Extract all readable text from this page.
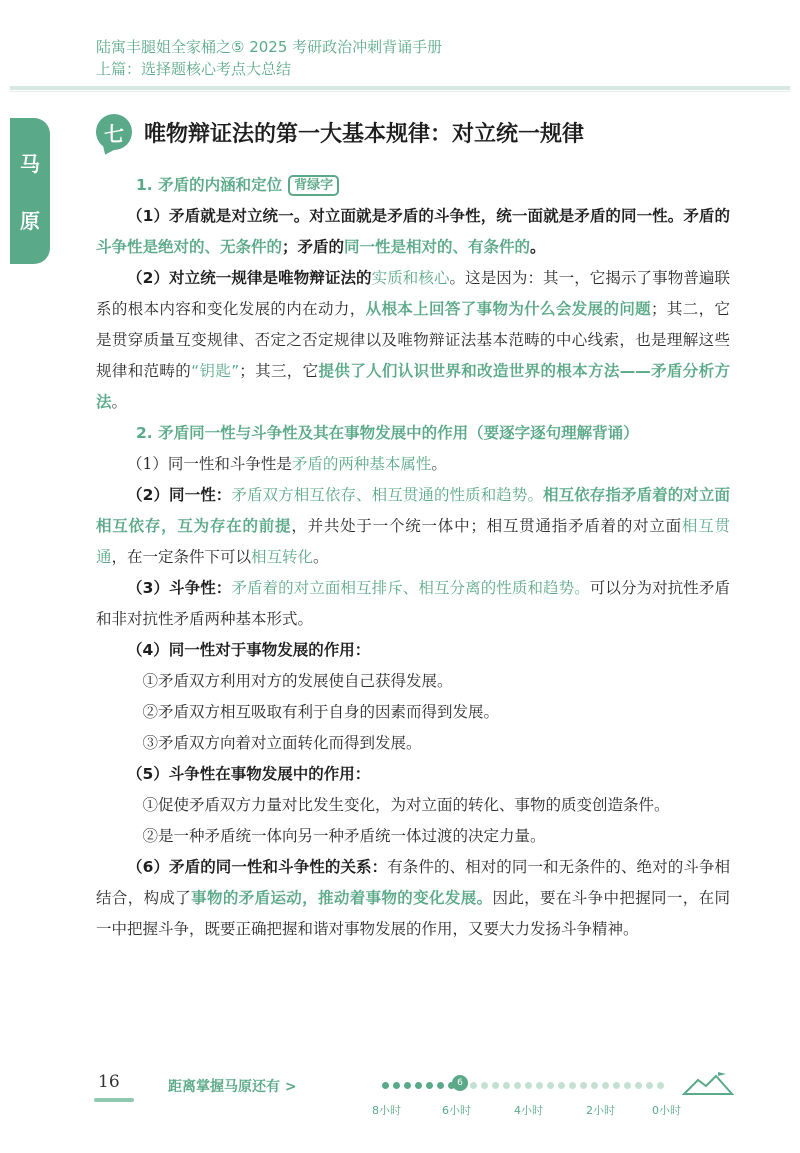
陆寓丰腿姐全家桶之⑤ 2025 考研政治冲刺背诵手册
上篇：选择题核心考点大总结
马
原
七 唯物辩证法的第一大基本规律：对立统一规律
1. 矛盾的内涵和定位 背绿字

（1）矛盾就是对立统一。对立面就是矛盾的斗争性，统一面就是矛盾的同一性。矛盾的斗争性是绝对的、无条件的；矛盾的同一性是相对的、有条件的。

（2）对立统一规律是唯物辩证法的实质和核心。这是因为：其一，它揭示了事物普遍联系的根本内容和变化发展的内在动力，从根本上回答了事物为什么会发展的问题；其二，它是贯穿质量互变规律、否定之否定规律以及唯物辩证法基本范畴的中心线索，也是理解这些规律和范畴的“钥匙”；其三，它提供了人们认识世界和改造世界的根本方法——矛盾分析方法。

2. 矛盾同一性与斗争性及其在事物发展中的作用（要逐字逐句理解背诵）

（1）同一性和斗争性是矛盾的两种基本属性。

（2）同一性：矛盾双方相互依存、相互贯通的性质和趋势。相互依存指矛盾着的对立面相互依存，互为存在的前提，并共处于一个统一体中；相互贯通指矛盾着的对立面相互贯通，在一定条件下可以相互转化。

（3）斗争性：矛盾着的对立面相互排斥、相互分离的性质和趋势。可以分为对抗性矛盾和非对抗性矛盾两种基本形式。

（4）同一性对于事物发展的作用：

①矛盾双方利用对方的发展使自己获得发展。

②矛盾双方相互吸取有利于自身的因素而得到发展。

③矛盾双方向着对立面转化而得到发展。

（5）斗争性在事物发展中的作用：

①促使矛盾双方力量对比发生变化，为对立面的转化、事物的质变创造条件。

②是一种矛盾统一体向另一种矛盾统一体过渡的决定力量。

（6）矛盾的同一性和斗争性的关系：有条件的、相对的同一和无条件的、绝对的斗争相结合，构成了事物的矛盾运动，推动着事物的变化发展。因此，要在斗争中把握同一，在同一中把握斗争，既要正确把握和谐对事物发展的作用，又要大力发扬斗争精神。

16	距离掌握马原还有 >	6
8小时	6小时	4小时	2小时	0小时
